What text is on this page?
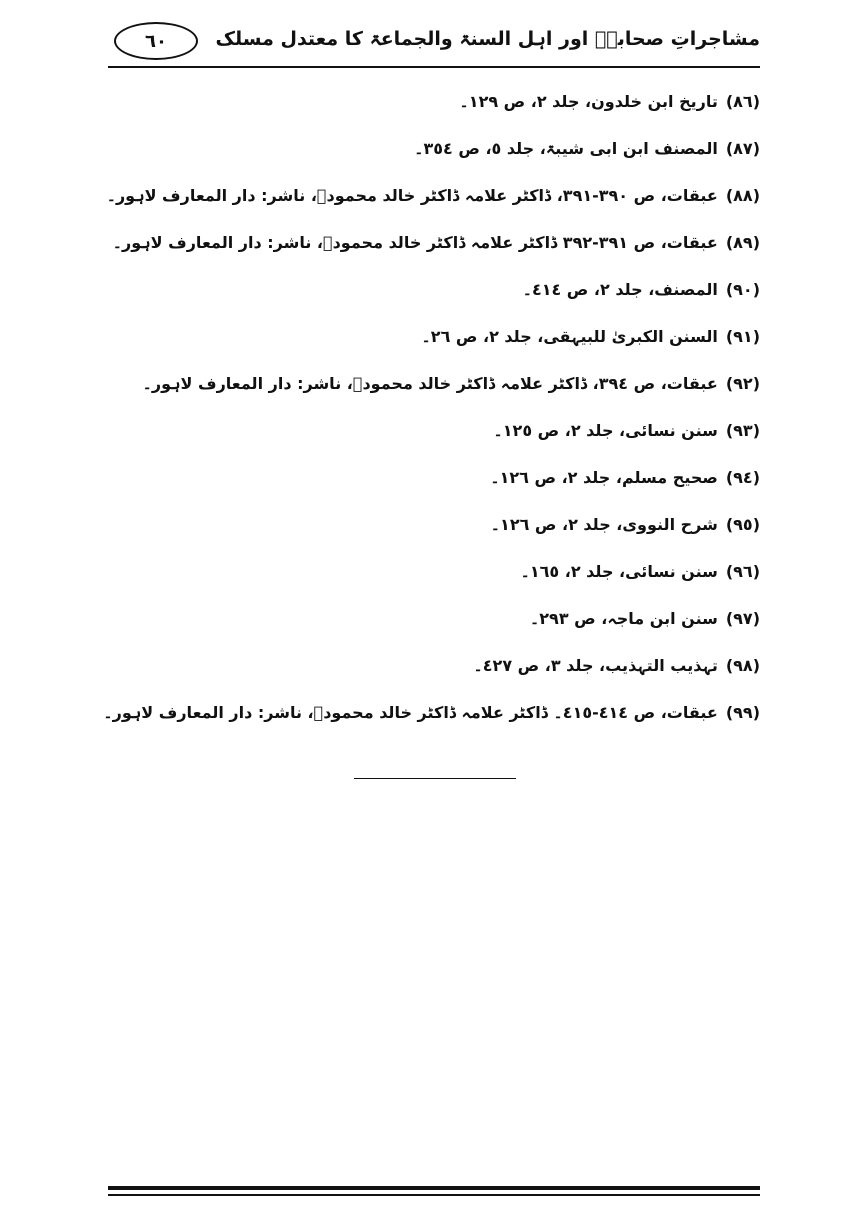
٦٠	مشاجراتِ صحابہؓ اور اہل السنۃ والجماعۃ کا معتدل مسلک
(٨٦)
تاریخ ابن خلدون، جلد ٢، ص ١٢٩۔
(٨٧)
المصنف ابن ابی شیبۃ، جلد ٥، ص ٣٥٤۔
(٨٨)
عبقات، ص ٣٩٠-٣٩١، ڈاکٹر علامہ ڈاکٹر خالد محمودؒ، ناشر: دار المعارف لاہور۔
(٨٩)
عبقات، ص ٣٩١-٣٩٢ ڈاکٹر علامہ ڈاکٹر خالد محمودؒ، ناشر: دار المعارف لاہور۔
(٩٠)
المصنف، جلد ٢، ص ٤١٤۔
(٩١)
السنن الکبریٰ للبیہقی، جلد ٢، ص ٢٦۔
(٩٢)
عبقات، ص ٣٩٤، ڈاکٹر علامہ ڈاکٹر خالد محمودؒ، ناشر: دار المعارف لاہور۔
(٩٣)
سنن نسائی، جلد ٢، ص ١٢٥۔
(٩٤)
صحیح مسلم، جلد ٢، ص ١٢٦۔
(٩٥)
شرح النووی، جلد ٢، ص ١٢٦۔
(٩٦)
سنن نسائی، جلد ٢، ١٦٥۔
(٩٧)
سنن ابن ماجہ، ص ٢٩٣۔
(٩٨)
تہذیب التہذیب، جلد ٣، ص ٤٢٧۔
(٩٩)
عبقات، ص ٤١٤-٤١٥۔ ڈاکٹر علامہ ڈاکٹر خالد محمودؒ، ناشر: دار المعارف لاہور۔
